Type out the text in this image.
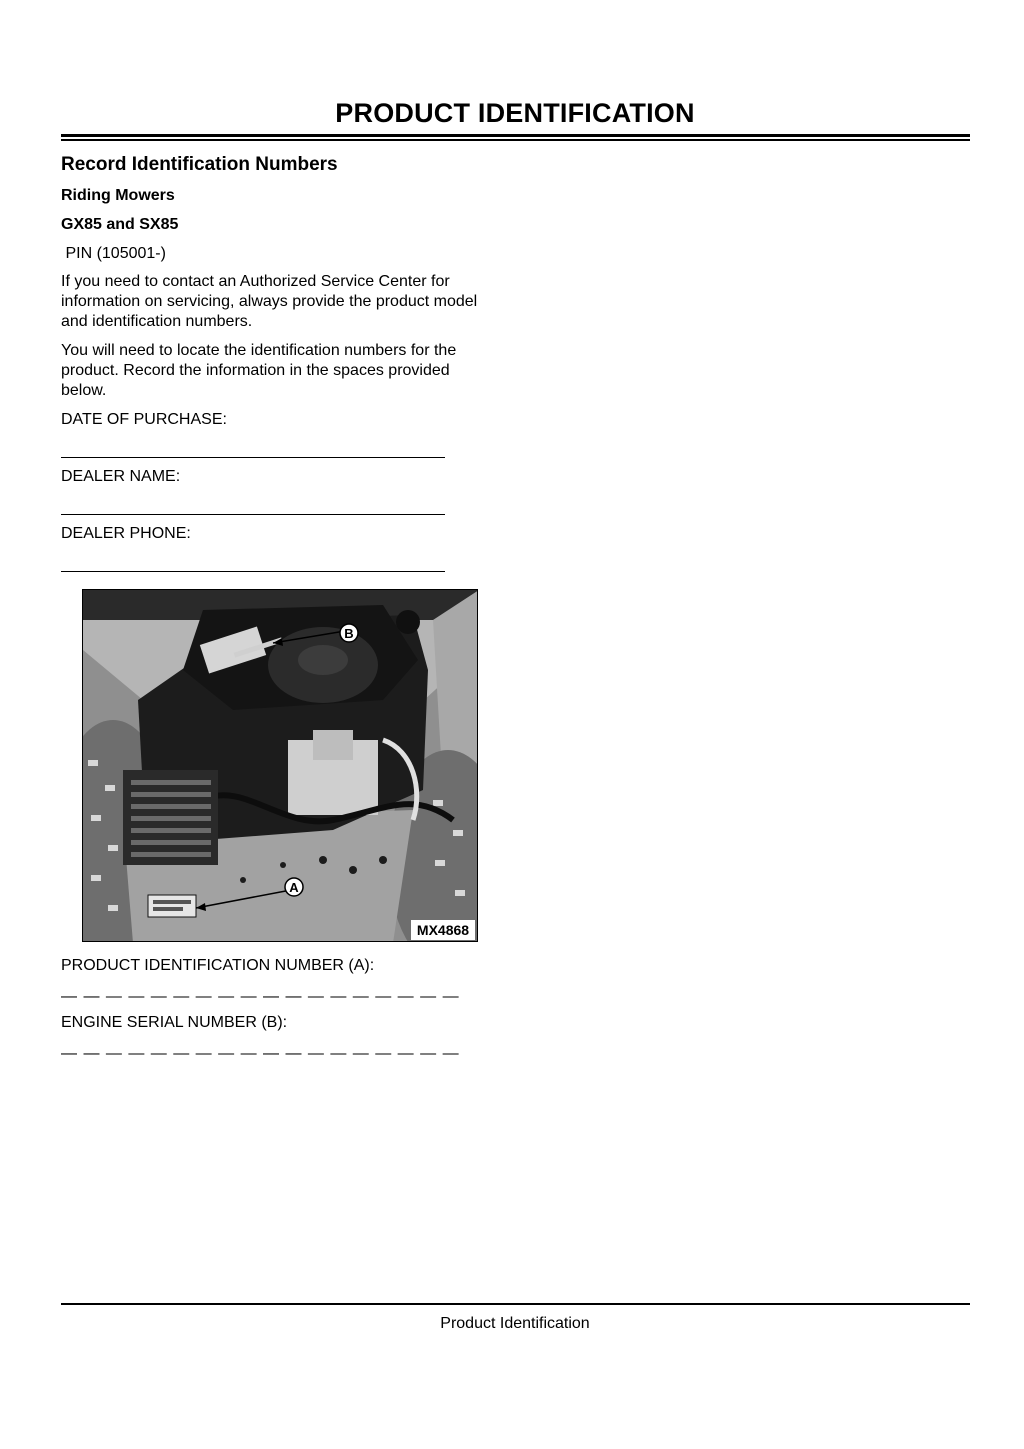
PRODUCT IDENTIFICATION
Record Identification Numbers
Riding Mowers
GX85 and SX85
PIN (105001-)
If you need to contact an Authorized Service Center for information on servicing, always provide the product model and identification numbers.
You will need to locate the identification numbers for the product. Record the information in the spaces provided below.
DATE OF PURCHASE:
DEALER NAME:
DEALER PHONE:
B
A
MX4868
PRODUCT IDENTIFICATION NUMBER (A):
— — — — — — — — — — — — — — — — — —
ENGINE SERIAL NUMBER (B):
— — — — — — — — — — — — — — — — — —
Product Identification
